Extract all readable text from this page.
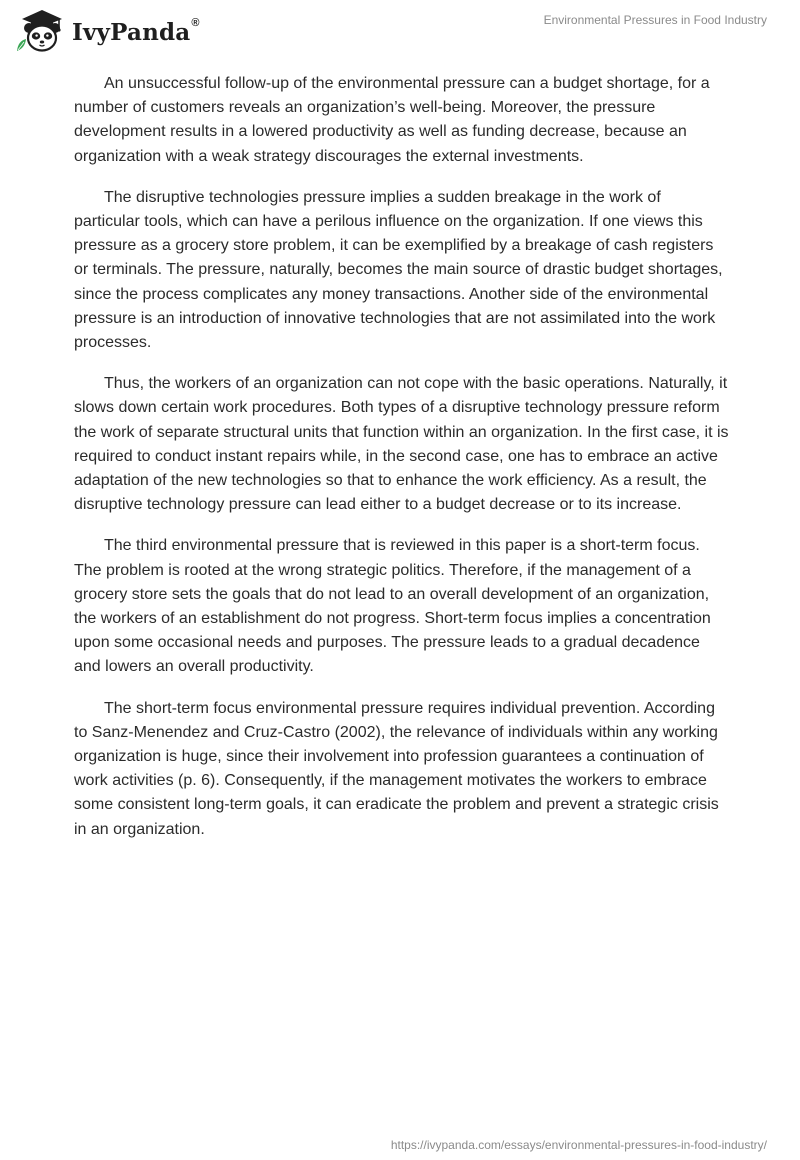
IvyPanda®	Environmental Pressures in Food Industry

An unsuccessful follow-up of the environmental pressure can a budget shortage, for a number of customers reveals an organization’s well-being. Moreover, the pressure development results in a lowered productivity as well as funding decrease, because an organization with a weak strategy discourages the external investments.

The disruptive technologies pressure implies a sudden breakage in the work of particular tools, which can have a perilous influence on the organization. If one views this pressure as a grocery store problem, it can be exemplified by a breakage of cash registers or terminals. The pressure, naturally, becomes the main source of drastic budget shortages, since the process complicates any money transactions. Another side of the environmental pressure is an introduction of innovative technologies that are not assimilated into the work processes.

Thus, the workers of an organization can not cope with the basic operations. Naturally, it slows down certain work procedures. Both types of a disruptive technology pressure reform the work of separate structural units that function within an organization. In the first case, it is required to conduct instant repairs while, in the second case, one has to embrace an active adaptation of the new technologies so that to enhance the work efficiency. As a result, the disruptive technology pressure can lead either to a budget decrease or to its increase.

The third environmental pressure that is reviewed in this paper is a short-term focus. The problem is rooted at the wrong strategic politics. Therefore, if the management of a grocery store sets the goals that do not lead to an overall development of an organization, the workers of an establishment do not progress. Short-term focus implies a concentration upon some occasional needs and purposes. The pressure leads to a gradual decadence and lowers an overall productivity.

The short-term focus environmental pressure requires individual prevention. According to Sanz-Menendez and Cruz-Castro (2002), the relevance of individuals within any working organization is huge, since their involvement into profession guarantees a continuation of work activities (p. 6). Consequently, if the management motivates the workers to embrace some consistent long-term goals, it can eradicate the problem and prevent a strategic crisis in an organization.

https://ivypanda.com/essays/environmental-pressures-in-food-industry/
